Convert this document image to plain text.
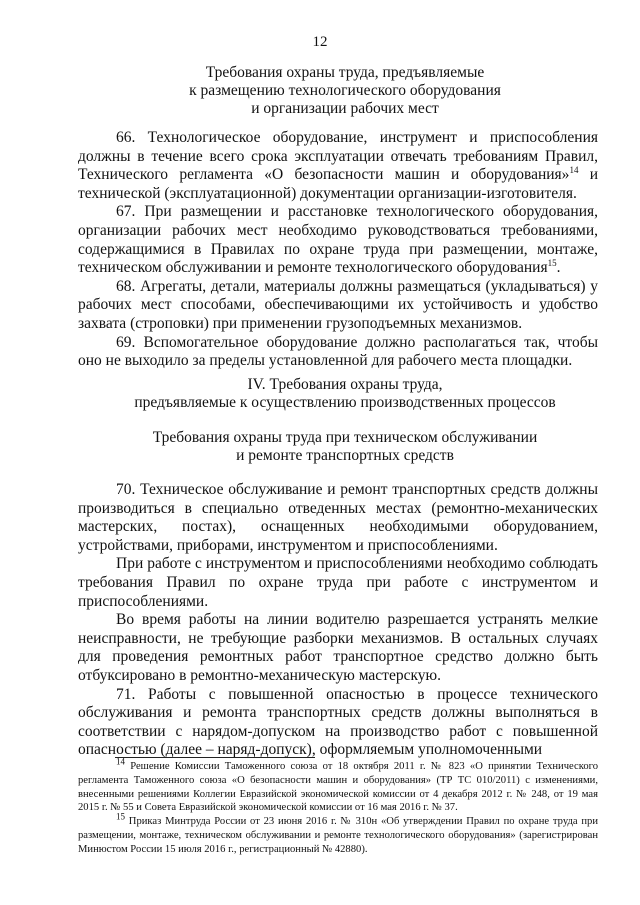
12
Требования охраны труда, предъявляемые
к размещению технологического оборудования
и организации рабочих мест

66. Технологическое оборудование, инструмент и приспособления должны в течение всего срока эксплуатации отвечать требованиям Правил, Технического регламента «О безопасности машин и оборудования»$^{14}$ и технической (эксплуатационной) документации организации-изготовителя.

67. При размещении и расстановке технологического оборудования, организации рабочих мест необходимо руководствоваться требованиями, содержащимися в Правилах по охране труда при размещении, монтаже, техническом обслуживании и ремонте технологического оборудования$^{15}$.

68. Агрегаты, детали, материалы должны размещаться (укладываться) у рабочих мест способами, обеспечивающими их устойчивость и удобство захвата (строповки) при применении грузоподъемных механизмов.

69. Вспомогательное оборудование должно располагаться так, чтобы оно не выходило за пределы установленной для рабочего места площадки.

IV. Требования охраны труда,
предъявляемые к осуществлению производственных процессов
Требования охраны труда при техническом обслуживании
и ремонте транспортных средств

70. Техническое обслуживание и ремонт транспортных средств должны производиться в специально отведенных местах (ремонтно-механических мастерских, постах), оснащенных необходимыми оборудованием, устройствами, приборами, инструментом и приспособлениями.

При работе с инструментом и приспособлениями необходимо соблюдать требования Правил по охране труда при работе с инструментом и приспособлениями.

Во время работы на линии водителю разрешается устранять мелкие неисправности, не требующие разборки механизмов. В остальных случаях для проведения ремонтных работ транспортное средство должно быть отбуксировано в ремонтно-механическую мастерскую.

71. Работы с повышенной опасностью в процессе технического обслуживания и ремонта транспортных средств должны выполняться в соответствии с нарядом-допуском на производство работ с повышенной опасностью (далее – наряд-допуск), оформляемым уполномоченными

$^{14}$ Решение Комиссии Таможенного союза от 18 октября 2011 г. № 823 «О принятии Технического регламента Таможенного союза «О безопасности машин и оборудования» (ТР ТС 010/2011) с изменениями, внесенными решениями Коллегии Евразийской экономической комиссии от 4 декабря 2012 г. № 248, от 19 мая 2015 г. № 55 и Совета Евразийской экономической комиссии от 16 мая 2016 г. № 37.

$^{15}$ Приказ Минтруда России от 23 июня 2016 г. № 310н «Об утверждении Правил по охране труда при размещении, монтаже, техническом обслуживании и ремонте технологического оборудования» (зарегистрирован Минюстом России 15 июля 2016 г., регистрационный № 42880).
